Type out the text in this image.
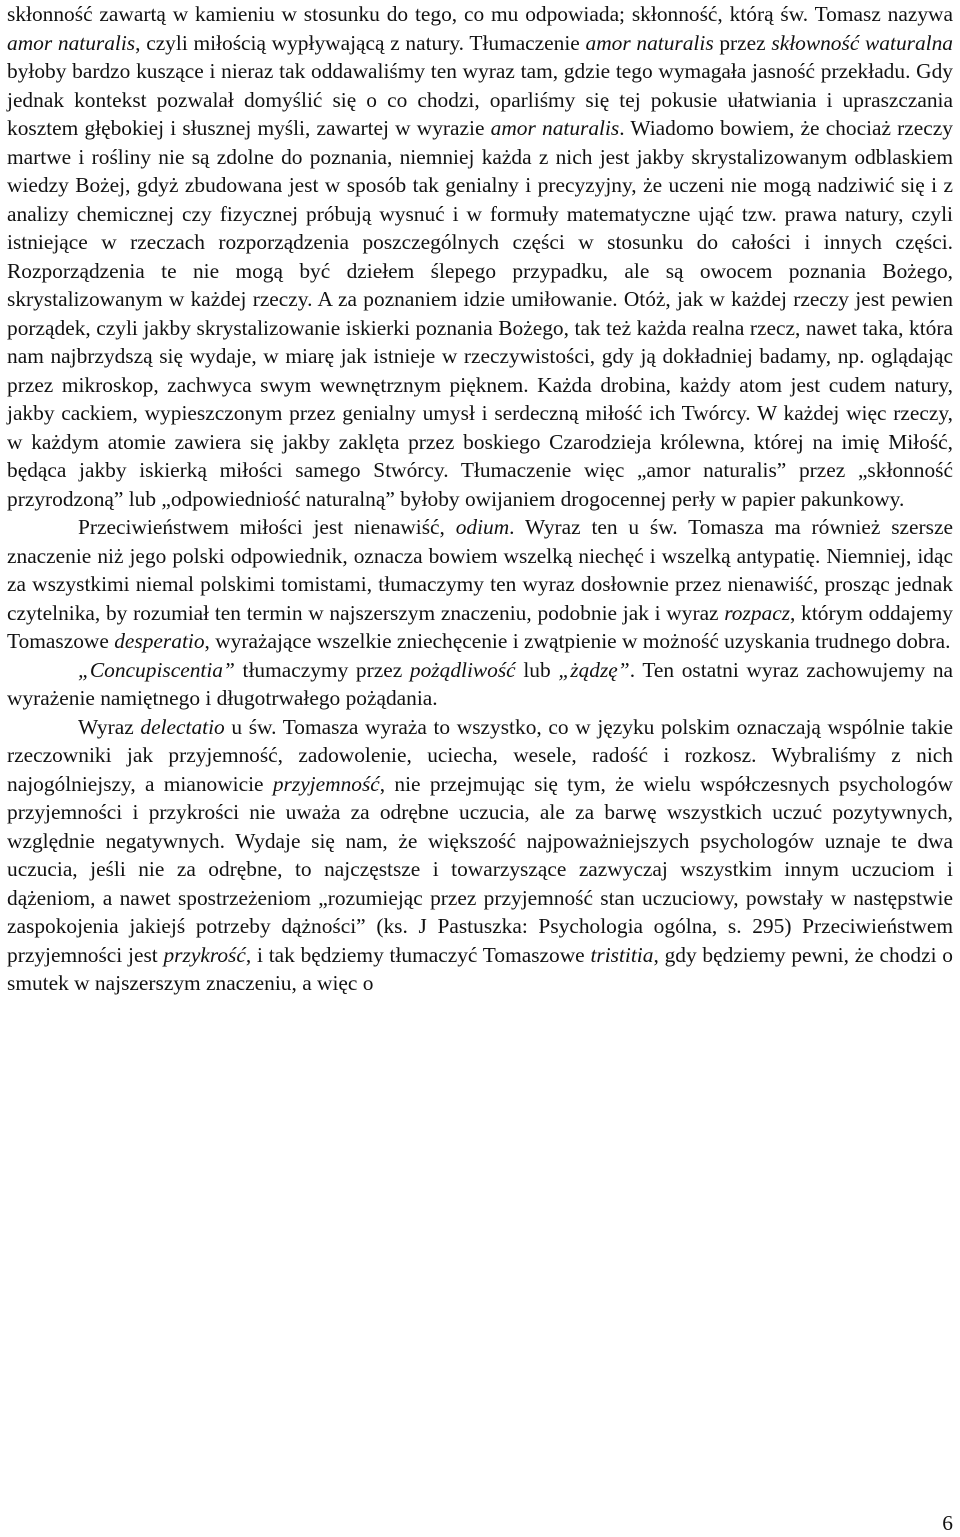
skłonność zawartą w kamieniu w stosunku do tego, co mu odpowiada; skłonność, którą św. Tomasz nazywa amor naturalis, czyli miłością wypływającą z natury. Tłumaczenie amor naturalis przez skłowność waturalna byłoby bardzo kuszące i nieraz tak oddawaliśmy ten wyraz tam, gdzie tego wymagała jasność przekładu. Gdy jednak kontekst pozwalał domyślić się o co chodzi, oparliśmy się tej pokusie ułatwiania i upraszczania kosztem głębokiej i słusznej myśli, zawartej w wyrazie amor naturalis. Wiadomo bowiem, że chociaż rzeczy martwe i rośliny nie są zdolne do poznania, niemniej każda z nich jest jakby skrystalizowanym odblaskiem wiedzy Bożej, gdyż zbudowana jest w sposób tak genialny i precyzyjny, że uczeni nie mogą nadziwić się i z analizy chemicznej czy fizycznej próbują wysnuć i w formuły matematyczne ująć tzw. prawa natury, czyli istniejące w rzeczach rozporządzenia poszczególnych części w stosunku do całości i innych części. Rozporządzenia te nie mogą być dziełem ślepego przypadku, ale są owocem poznania Bożego, skrystalizowanym w każdej rzeczy. A za poznaniem idzie umiłowanie. Otóż, jak w każdej rzeczy jest pewien porządek, czyli jakby skrystalizowanie iskierki poznania Bożego, tak też każda realna rzecz, nawet taka, która nam najbrzydszą się wydaje, w miarę jak istnieje w rzeczywistości, gdy ją dokładniej badamy, np. oglądając przez mikroskop, zachwyca swym wewnętrznym pięknem. Każda drobina, każdy atom jest cudem natury, jakby cackiem, wypieszczonym przez genialny umysł i serdeczną miłość ich Twórcy. W każdej więc rzeczy, w każdym atomie zawiera się jakby zaklęta przez boskiego Czarodzieja królewna, której na imię Miłość, będąca jakby iskierką miłości samego Stwórcy. Tłumaczenie więc „amor naturalis” przez „skłonność przyrodzoną” lub „odpowiedniość naturalną” byłoby owijaniem drogocennej perły w papier pakunkowy.

Przeciwieństwem miłości jest nienawiść, odium. Wyraz ten u św. Tomasza ma również szersze znaczenie niż jego polski odpowiednik, oznacza bowiem wszelką niechęć i wszelką antypatię. Niemniej, idąc za wszystkimi niemal polskimi tomistami, tłumaczymy ten wyraz dosłownie przez nienawiść, prosząc jednak czytelnika, by rozumiał ten termin w najszerszym znaczeniu, podobnie jak i wyraz rozpacz, którym oddajemy Tomaszowe desperatio, wyrażające wszelkie zniechęcenie i zwątpienie w możność uzyskania trudnego dobra.

„Concupiscentia” tłumaczymy przez pożądliwość lub „żądzę”. Ten ostatni wyraz zachowujemy na wyrażenie namiętnego i długotrwałego pożądania.

Wyraz delectatio u św. Tomasza wyraża to wszystko, co w języku polskim oznaczają wspólnie takie rzeczowniki jak przyjemność, zadowolenie, uciecha, wesele, radość i rozkosz. Wybraliśmy z nich najogólniejszy, a mianowicie przyjemność, nie przejmując się tym, że wielu współczesnych psychologów przyjemności i przykrości nie uważa za odrębne uczucia, ale za barwę wszystkich uczuć pozytywnych, względnie negatywnych. Wydaje się nam, że większość najpoważniejszych psychologów uznaje te dwa uczucia, jeśli nie za odrębne, to najczęstsze i towarzyszące zazwyczaj wszystkim innym uczuciom i dążeniom, a nawet spostrzeżeniom „rozumiejąc przez przyjemność stan uczuciowy, powstały w następstwie zaspokojenia jakiejś potrzeby dążności” (ks. J Pastuszka: Psychologia ogólna, s. 295) Przeciwieństwem przyjemności jest przykrość, i tak będziemy tłumaczyć Tomaszowe tristitia, gdy będziemy pewni, że chodzi o smutek w najszerszym znaczeniu, a więc o

6
